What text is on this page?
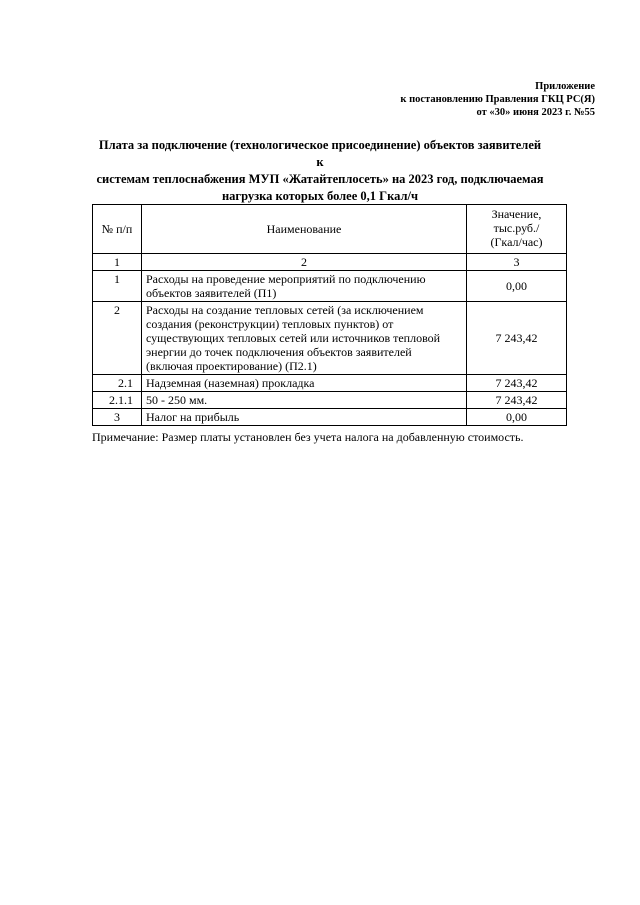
Приложение
к постановлению Правления ГКЦ РС(Я)
от «30» июня 2023 г. №55
Плата за подключение (технологическое присоединение) объектов заявителей к
системам теплоснабжения МУП «Жатайтеплосеть» на 2023 год, подключаемая
нагрузка которых более 0,1 Гкал/ч
№ п/п	Наименование	Значение,
тыс.руб./
(Гкал/час)

1	2	3
1	Расходы на проведение мероприятий по подключению
объектов заявителей (П1)	0,00
2	Расходы на создание тепловых сетей (за исключением
создания (реконструкции) тепловых пунктов) от
существующих тепловых сетей или источников тепловой
энергии до точек подключения объектов заявителей
(включая проектирование) (П2.1)	7 243,42
2.1	Надземная (наземная) прокладка	7 243,42
2.1.1	50 - 250 мм.	7 243,42
3	Налог на прибыль	0,00
Примечание: Размер платы установлен без учета налога на добавленную стоимость.
